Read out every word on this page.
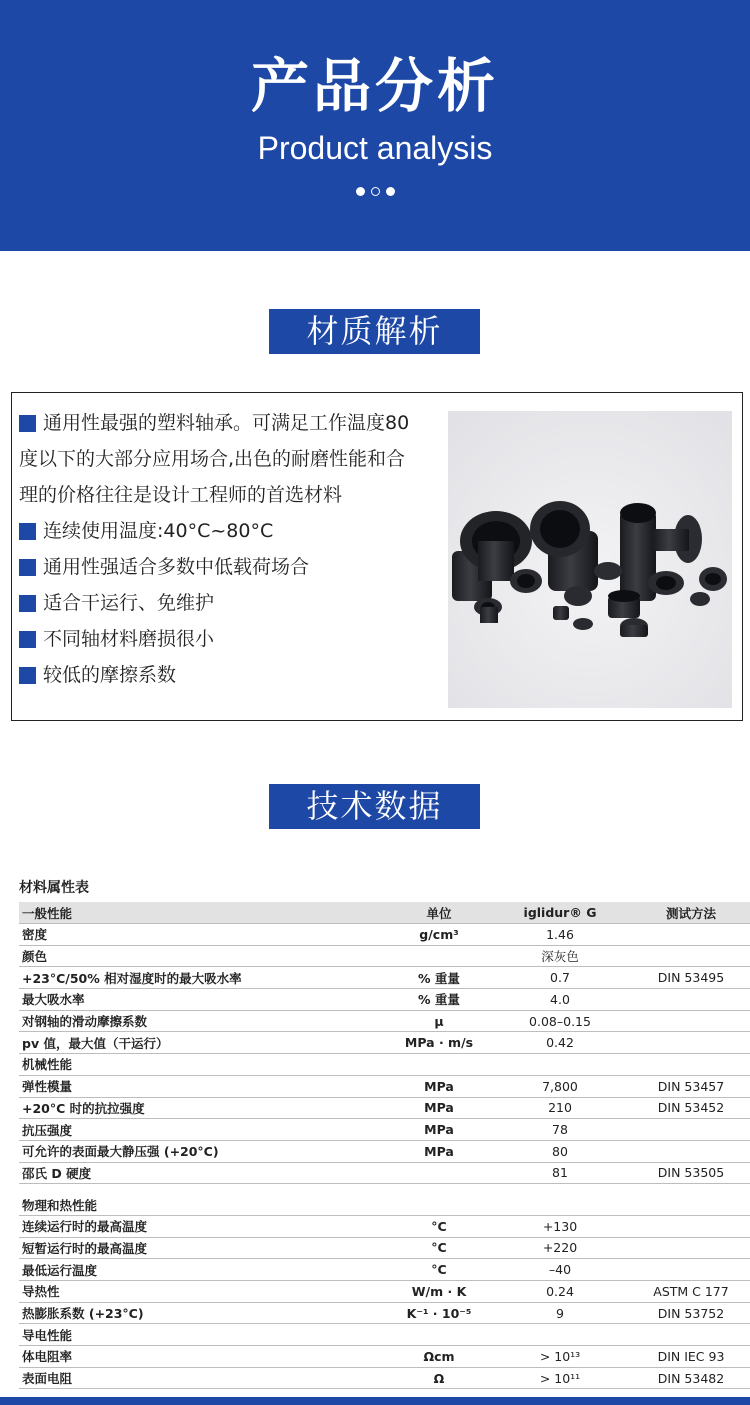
产品分析
Product analysis
材质解析
通用性最强的塑料轴承。可满足工作温度80
度以下的大部分应用场合,出色的耐磨性能和合
理的价格往往是设计工程师的首选材料
连续使用温度:40°C~80°C
通用性强适合多数中低载荷场合
适合干运行、免维护
不同轴材料磨损很小
较低的摩擦系数
技术数据
材料属性表
一般性能	单位	iglidur® G	测试方法
密度	g/cm³	1.46	
颜色		深灰色	
+23°C/50% 相对湿度时的最大吸水率	% 重量	0.7	DIN 53495
最大吸水率	% 重量	4.0	
对钢轴的滑动摩擦系数	μ	0.08–0.15	
pv 值，最大值（干运行）	MPa · m/s	0.42	
机械性能			
弹性模量	MPa	7,800	DIN 53457
+20°C 时的抗拉强度	MPa	210	DIN 53452
抗压强度	MPa	78	
可允许的表面最大静压强 (+20°C)	MPa	80	
邵氏 D 硬度		81	DIN 53505

物理和热性能			
连续运行时的最高温度	°C	+130	
短暂运行时的最高温度	°C	+220	
最低运行温度	°C	–40	
导热性	W/m · K	0.24	ASTM C 177
热膨胀系数 (+23°C)	K⁻¹ · 10⁻⁵	9	DIN 53752
导电性能			
体电阻率	Ωcm	> 10¹³	DIN IEC 93
表面电阻	Ω	> 10¹¹	DIN 53482
